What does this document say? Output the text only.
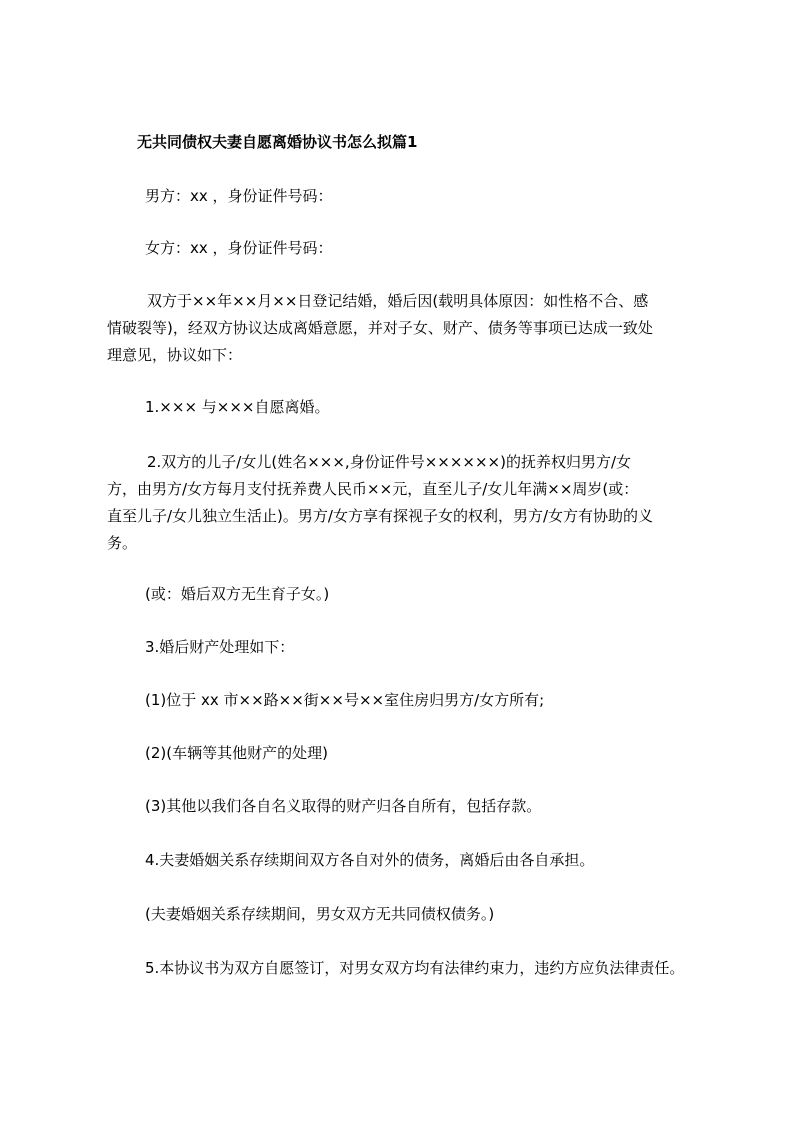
无共同债权夫妻自愿离婚协议书怎么拟篇1
男方：xx ，身份证件号码：
女方：xx ，身份证件号码：
双方于××年××月××日登记结婚，婚后因(载明具体原因：如性格不合、感
情破裂等)，经双方协议达成离婚意愿，并对子女、财产、债务等事项已达成一致处
理意见，协议如下：
1.××× 与×××自愿离婚。
2.双方的儿子/女儿(姓名×××,身份证件号××××××)的抚养权归男方/女
方，由男方/女方每月支付抚养费人民币××元，直至儿子/女儿年满××周岁(或：
直至儿子/女儿独立生活止)。男方/女方享有探视子女的权利，男方/女方有协助的义
务。
(或：婚后双方无生育子女。)
3.婚后财产处理如下：
(1)位于 xx 市××路××街××号××室住房归男方/女方所有;
(2)(车辆等其他财产的处理)
(3)其他以我们各自名义取得的财产归各自所有，包括存款。
4.夫妻婚姻关系存续期间双方各自对外的债务，离婚后由各自承担。
(夫妻婚姻关系存续期间，男女双方无共同债权债务。)
5.本协议书为双方自愿签订，对男女双方均有法律约束力，违约方应负法律责任。
